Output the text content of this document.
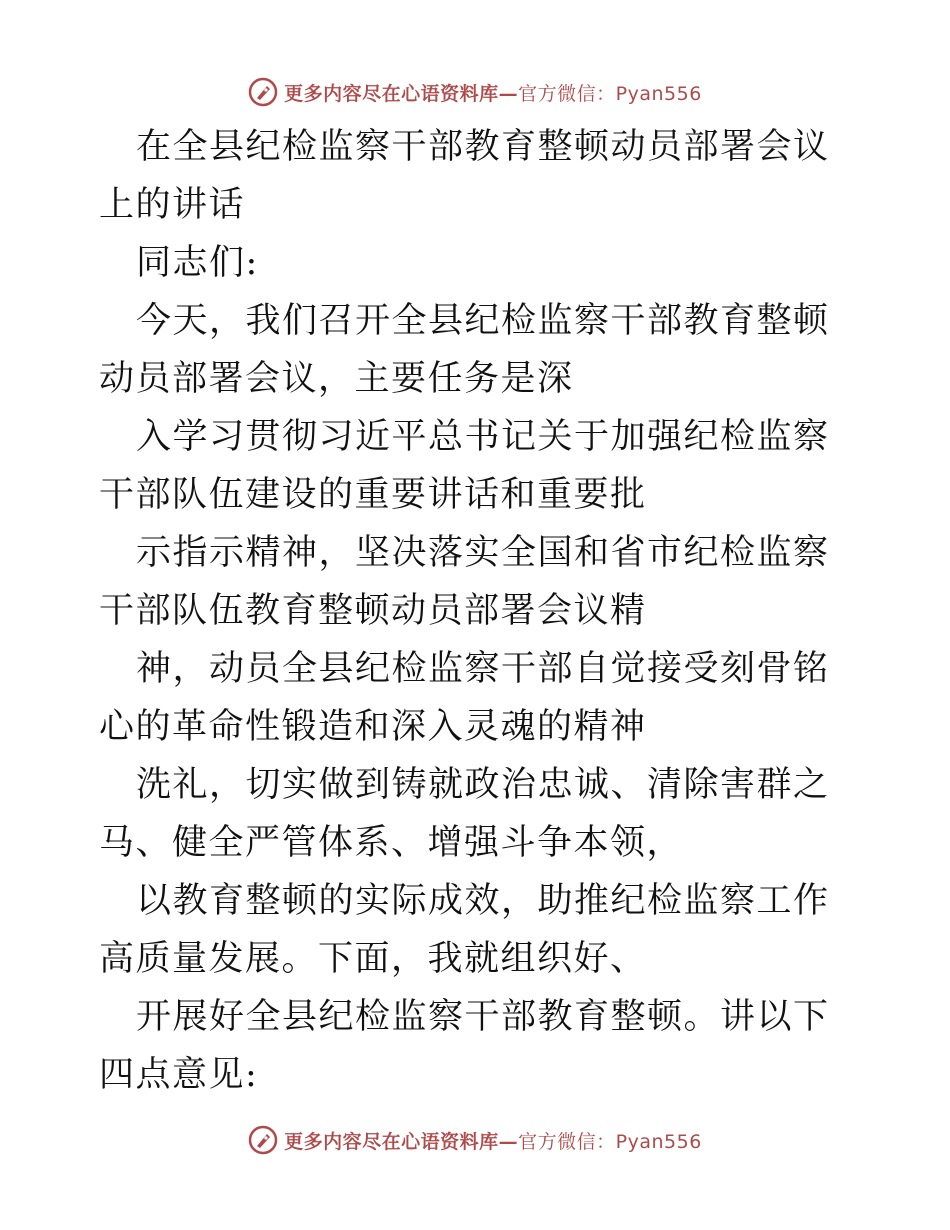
更多内容尽在心语资料库—官方微信：Pyan556

在全县纪检监察干部教育整顿动员部署会议上的讲话

同志们:

今天，我们召开全县纪检监察干部教育整顿动员部署会议，主要任务是深

入学习贯彻习近平总书记关于加强纪检监察干部队伍建设的重要讲话和重要批

示指示精神，坚决落实全国和省市纪检监察干部队伍教育整顿动员部署会议精

神，动员全县纪检监察干部自觉接受刻骨铭心的革命性锻造和深入灵魂的精神

洗礼，切实做到铸就政治忠诚、清除害群之马、健全严管体系、增强斗争本领，

以教育整顿的实际成效，助推纪检监察工作高质量发展。下面，我就组织好、

开展好全县纪检监察干部教育整顿。讲以下四点意见:

更多内容尽在心语资料库—官方微信：Pyan556
